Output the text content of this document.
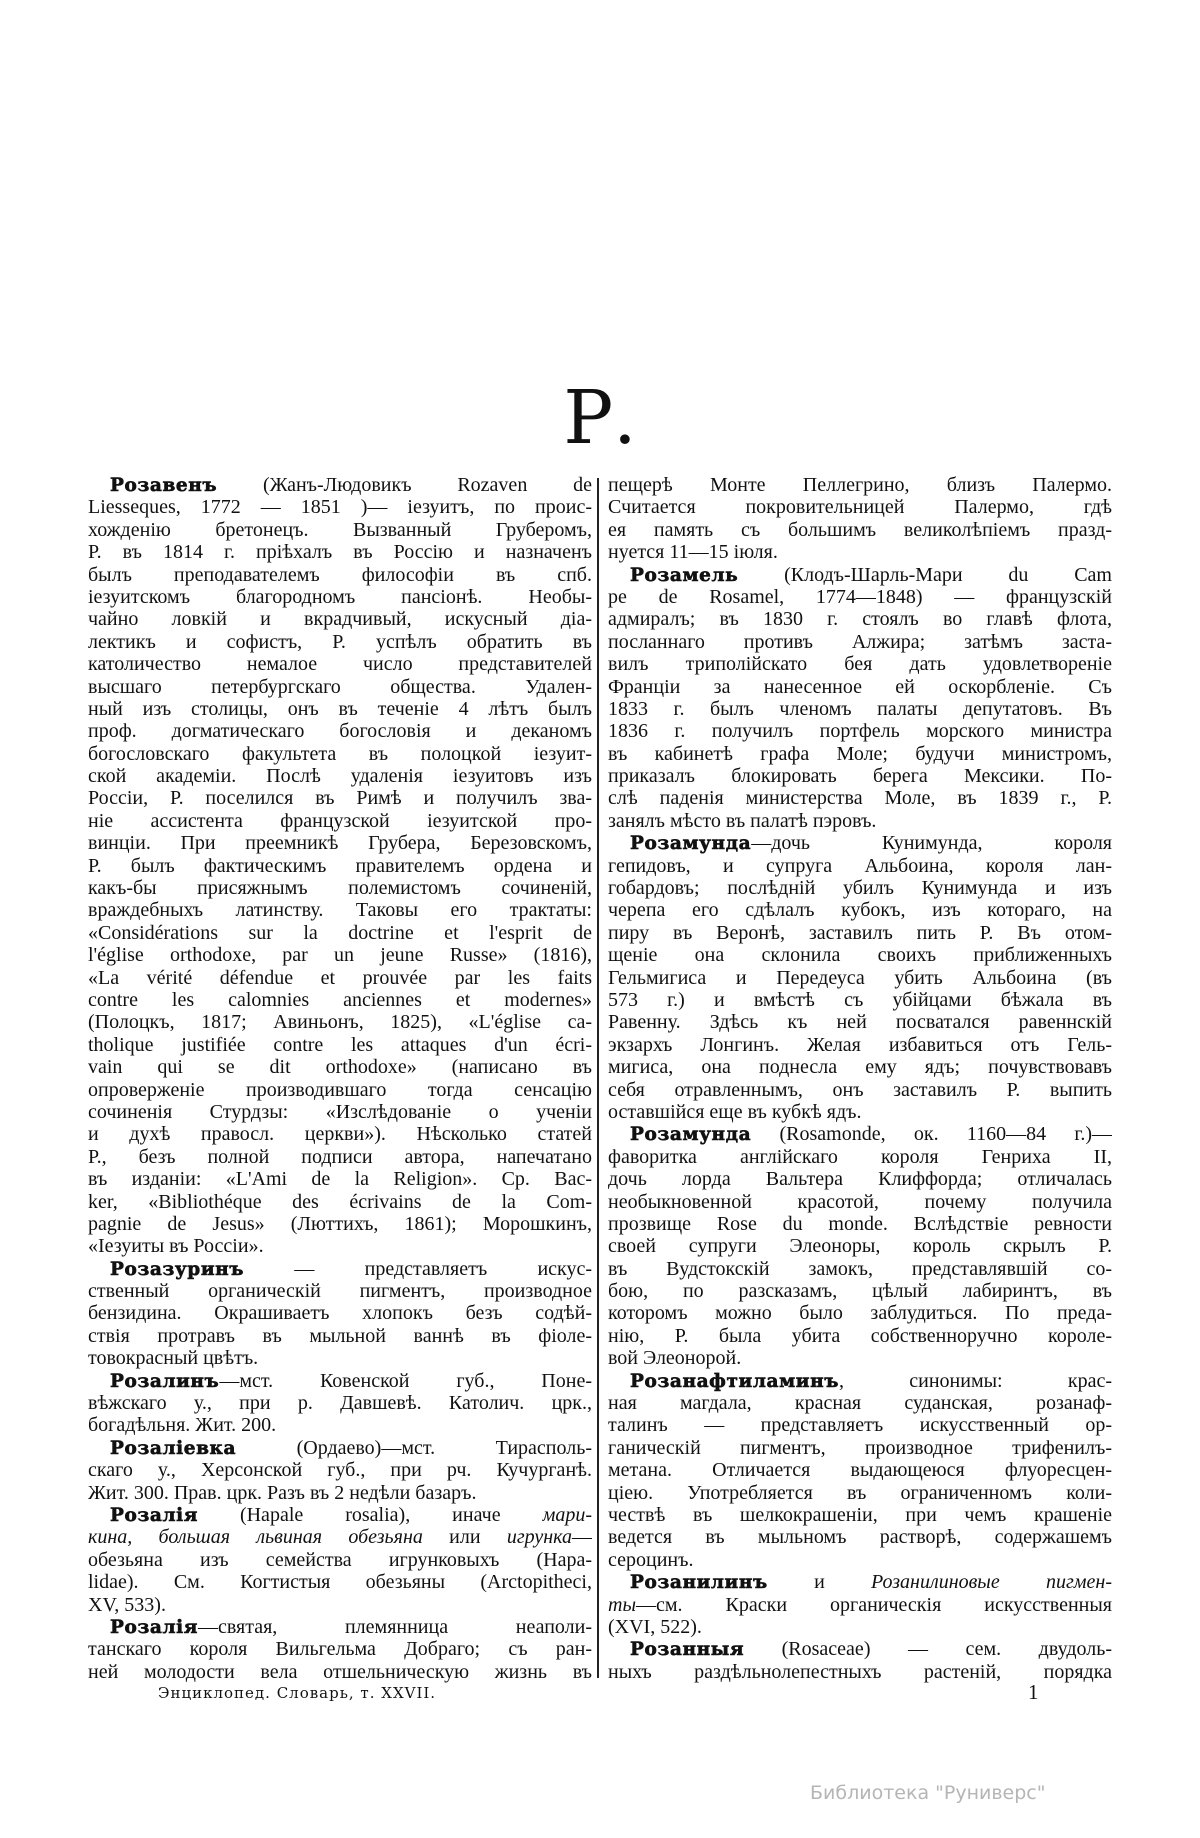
Р.
Розавенъ (Жанъ-Людовикъ Rozaven de
Liesseques, 1772 — 1851 )— iезуитъ, по проис-
хожденiю бретонецъ. Вызванный Груберомъ,
Р. въ 1814 г. прiѣхалъ въ Россiю и назначенъ
былъ преподавателемъ философiи въ спб.
iезуитскомъ благородномъ пансiонѣ. Необы-
чайно ловкiй и вкрадчивый, искусный дiа-
лектикъ и софистъ, Р. успѣлъ обратить въ
католичество немалое число представителей
высшаго петербургскаго общества. Удален-
ный изъ столицы, онъ въ теченiе 4 лѣтъ былъ
проф. догматическаго богословiя и деканомъ
богословскаго факультета въ полоцкой iезуит-
ской академiи. Послѣ удаленiя iезуитовъ изъ
Россiи, Р. поселился въ Римѣ и получилъ зва-
нiе ассистента французской iезуитской про-
винцiи. При преемникѣ Грубера, Березовскомъ,
Р. былъ фактическимъ правителемъ ордена и
какъ-бы присяжнымъ полемистомъ сочиненiй,
враждебныхъ латинству. Таковы его трактаты:
«Considérations sur la doctrine et l'esprit de
l'église orthodoxe, par un jeune Russe» (1816),
«La vérité défendue et prouvée par les faits
contre les calomnies anciennes et modernes»
(Полоцкъ, 1817; Авиньонъ, 1825), «L'église ca-
tholique justifiée contre les attaques d'un écri-
vain qui se dit orthodoxe» (написано въ
опроверженiе производившаго тогда сенсацiю
сочиненiя Стурдзы: «Изслѣдованiе о ученiи
и духѣ правосл. церкви»). Нѣсколько статей
Р., безъ полной подписи автора, напечатано
въ изданiи: «L'Ami de la Religion». Ср. Bac-
ker, «Bibliothéque des écrivains de la Com-
pagnie de Jesus» (Люттихъ, 1861); Морошкинъ,
«Iезуиты въ Россiи».
Розазуринъ — представляетъ искус-
ственный органическiй пигментъ, производное
бензидина. Окрашиваетъ хлопокъ безъ содѣй-
ствiя протравъ въ мыльной ваннѣ въ фiоле-
товокрасный цвѣтъ.
Розалинъ—мст. Ковенской губ., Поне-
вѣжскаго у., при р. Давшевѣ. Католич. црк.,
богадѣльня. Жит. 200.
Розалiевка (Ордаево)—мст. Тирасполь-
скаго у., Херсонской губ., при рч. Кучурганѣ.
Жит. 300. Прав. црк. Разъ въ 2 недѣли базаръ.
Розалiя (Hapale rosalia), иначе мари-
кина, большая львиная обезьяна или игрунка—
обезьяна изъ семейства игрунковыхъ (Hapa-
lidae). См. Когтистыя обезьяны (Arctopitheci,
XV, 533).
Розалiя—святая, племянница неаполи-
танскаго короля Вильгельма Добраго; съ ран-
ней молодости вела отшельническую жизнь въ
пещерѣ Монте Пеллегрино, близъ Палермо.
Считается покровительницей Палермо, гдѣ
ея память съ большимъ великолѣпiемъ празд-
нуется 11—15 iюля.
Розамель (Клодъ-Шарль-Мари du Cam
pe de Rosamel, 1774—1848) — французскiй
адмиралъ; въ 1830 г. стоялъ во главѣ флота,
посланнаго противъ Алжира; затѣмъ заста-
вилъ триполiйскато бея дать удовлетворенiе
Францiи за нанесенное ей оскорбленiе. Съ
1833 г. былъ членомъ палаты депутатовъ. Въ
1836 г. получилъ портфель морского министра
въ кабинетѣ графа Моле; будучи министромъ,
приказалъ блокировать берега Мексики. По-
слѣ паденiя министерства Моле, въ 1839 г., Р.
занялъ мѣсто въ палатѣ пэровъ.
Розамунда—дочь Кунимунда, короля
гепидовъ, и супруга Альбоина, короля лан-
гобардовъ; послѣднiй убилъ Кунимунда и изъ
черепа его сдѣлалъ кубокъ, изъ котораго, на
пиру въ Веронѣ, заставилъ пить Р. Въ отом-
щенiе она склонила своихъ приближенныхъ
Гельмигиса и Передеуса убить Альбоина (въ
573 г.) и вмѣстѣ съ убiйцами бѣжала въ
Равенну. Здѣсь къ ней посватался равеннскiй
экзархъ Лонгинъ. Желая избавиться отъ Гель-
мигиса, она поднесла ему ядъ; почувствовавъ
себя отравленнымъ, онъ заставилъ Р. выпить
оставшiйся еще въ кубкѣ ядъ.
Розамунда (Rosamonde, ок. 1160—84 г.)—
фаворитка англiйскаго короля Генриха II,
дочь лорда Вальтера Клиффорда; отличалась
необыкновенной красотой, почему получила
прозвище Rose du monde. Вслѣдствiе ревности
своей супруги Элеоноры, король скрылъ Р.
въ Вудстокскiй замокъ, представлявшiй со-
бою, по разсказамъ, цѣлый лабиринтъ, въ
которомъ можно было заблудиться. По преда-
нiю, Р. была убита собственноручно короле-
вой Элеонорой.
Розанафтиламинъ, синонимы: крас-
ная магдала, красная суданская, розанаф-
талинъ — представляетъ искусственный ор-
ганическiй пигментъ, производное трифенилъ-
метана. Отличается выдающеюся флуоресцен-
цiею. Употребляется въ ограниченномъ коли-
чествѣ въ шелкокрашенiи, при чемъ крашенiе
ведется въ мыльномъ растворѣ, содержашемъ
сероцинъ.
Розанилинъ и Розанилиновые пигмен-
ты—см. Краски органическiя искусственныя
(XVI, 522).
Розанныя (Rosaceae) — сем. двудоль-
ныхъ раздѣльнолепестныхъ растенiй, порядка
Энциклопед. Словарь, т. XXVII.	1
Библиотека "Руниверс"
